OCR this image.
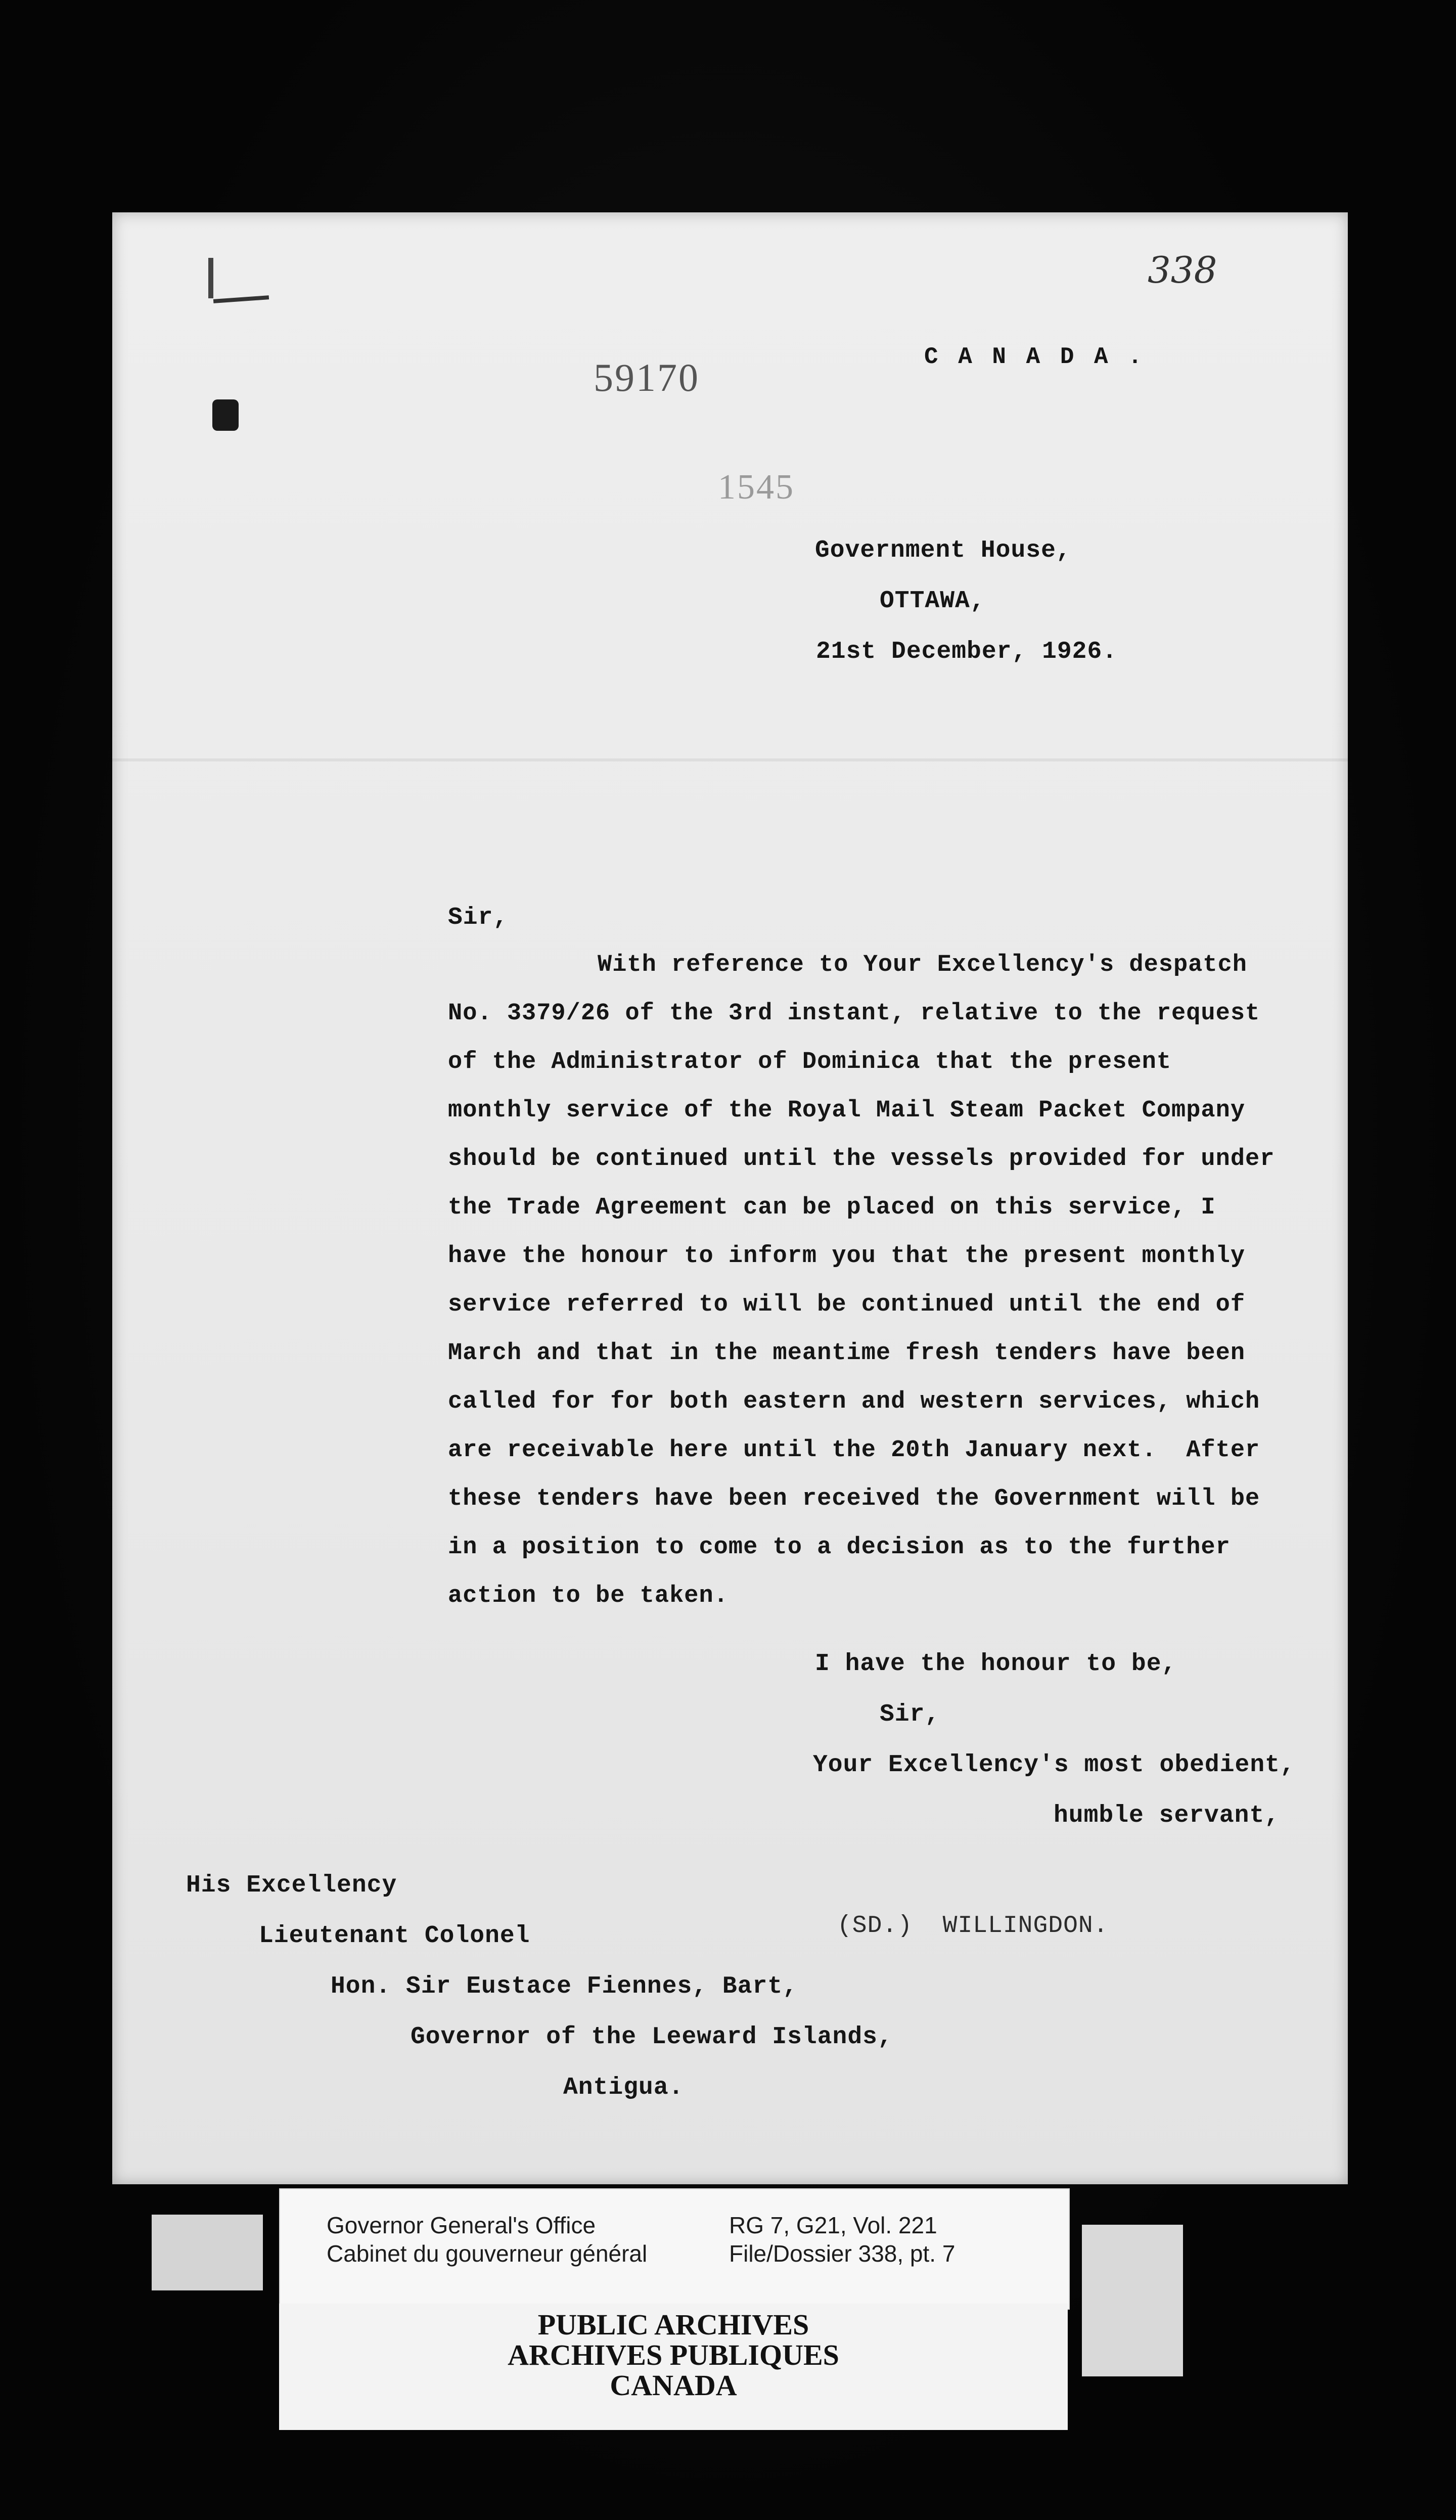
59170
1545
338
C A N A D A .
Government House,
OTTAWA,
21st December, 1926.
Sir,
With reference to Your Excellency's despatch
No. 3379/26 of the 3rd instant, relative to the request
of the Administrator of Dominica that the present
monthly service of the Royal Mail Steam Packet Company
should be continued until the vessels provided for under
the Trade Agreement can be placed on this service, I
have the honour to inform you that the present monthly
service referred to will be continued until the end of
March and that in the meantime fresh tenders have been
called for for both eastern and western services, which
are receivable here until the 20th January next.  After
these tenders have been received the Government will be
in a position to come to a decision as to the further
action to be taken.
I have the honour to be,
Sir,
Your Excellency's most obedient,
humble servant,
His Excellency
Lieutenant Colonel	(SD.)  WILLINGDON.
Hon. Sir Eustace Fiennes, Bart,
Governor of the Leeward Islands,
Antigua.
Governor General's Office
Cabinet du gouverneur général
RG 7, G21, Vol. 221
File/Dossier 338, pt. 7
PUBLIC ARCHIVES
ARCHIVES PUBLIQUES
CANADA
